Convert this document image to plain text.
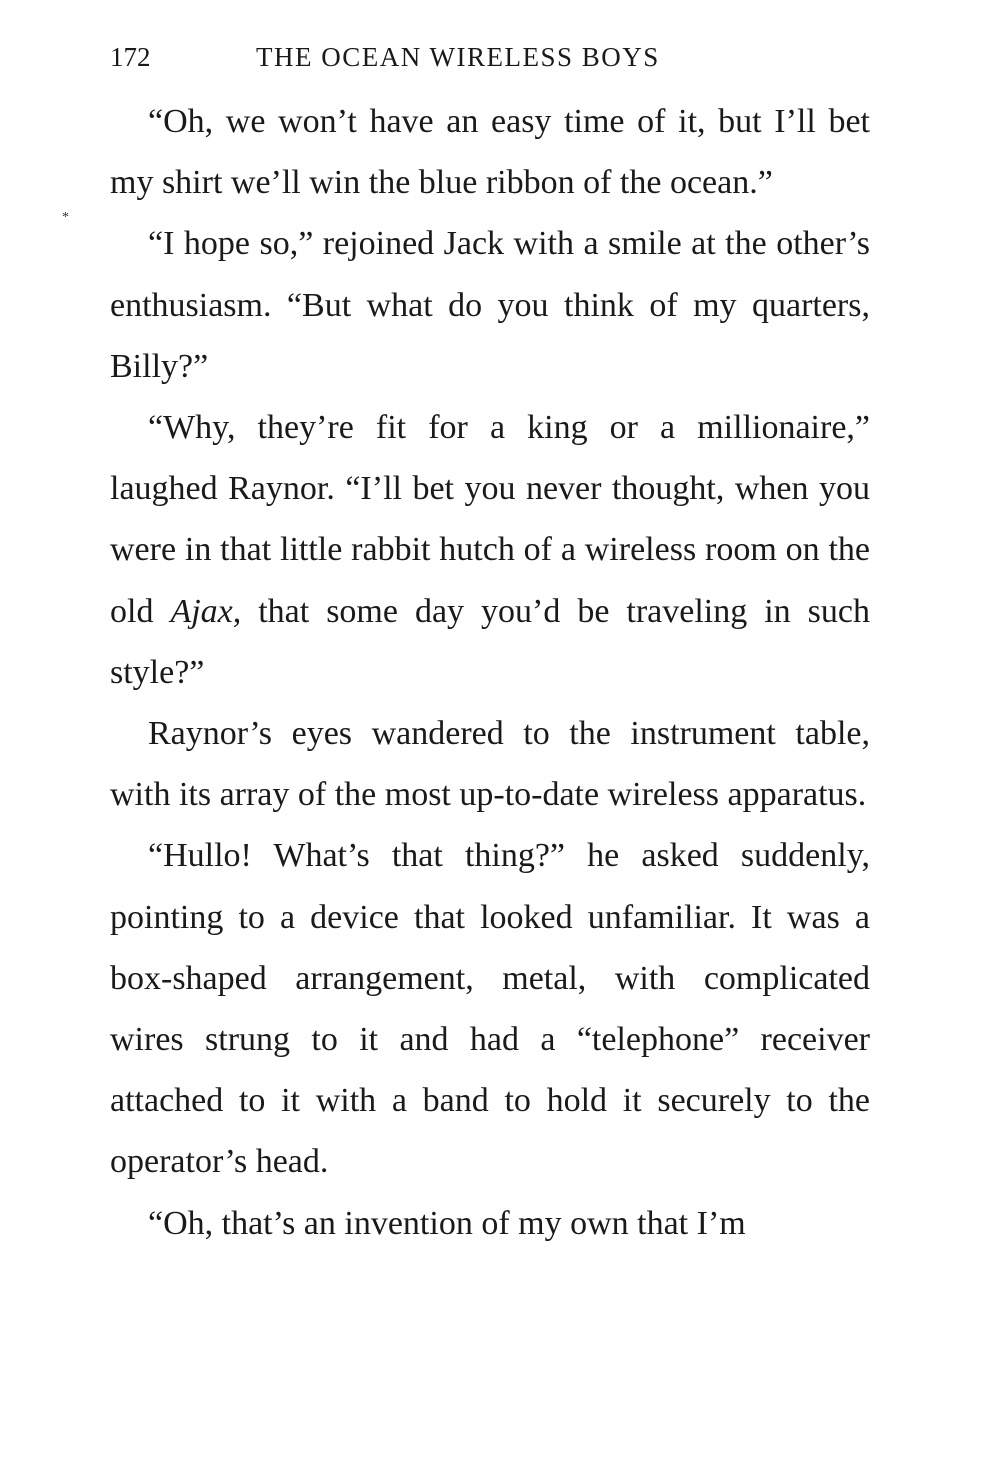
172	THE OCEAN WIRELESS BOYS
*

“Oh, we won’t have an easy time of it, but I’ll bet my shirt we’ll win the blue ribbon of the ocean.”

“I hope so,” rejoined Jack with a smile at the other’s enthusiasm. “But what do you think of my quarters, Billy?”

“Why, they’re fit for a king or a millionaire,” laughed Raynor. “I’ll bet you never thought, when you were in that little rabbit hutch of a wireless room on the old Ajax, that some day you’d be traveling in such style?”

Raynor’s eyes wandered to the instrument table, with its array of the most up-to-date wireless apparatus.

“Hullo! What’s that thing?” he asked suddenly, pointing to a device that looked unfamiliar. It was a box-shaped arrangement, metal, with complicated wires strung to it and had a “telephone” receiver attached to it with a band to hold it securely to the operator’s head.

“Oh, that’s an invention of my own that I’m
